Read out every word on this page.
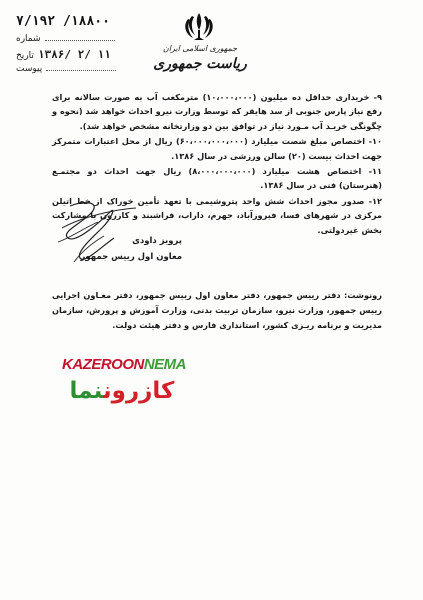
۷/۱۹۲ /۱۸۸۰۰
شماره
۱۳۸۶/ ۲/ ۱۱
تاریخ
پیوست
جمهوری اسلامی ایران
ریاست جمهوری

۹- خریداری حداقل ده میلیون (۱۰،۰۰۰،۰۰۰) مترمکعب آب به صورت سالانه برای رفع نیاز پارس جنوبی از سد هایقر که توسط وزارت نیرو احداث خواهد شد (نحوه و چگونگی خریـد آب مـورد نیاز در توافق بین دو وزارتخانه مشخص خواهد شد).

۱۰- اختصاص مبلغ شصت میلیارد (۶۰،۰۰۰،۰۰۰،۰۰۰) ریال از محل اعتبارات متمرکز جهت احداث بیست (۲۰) سالن ورزشی در سال ۱۳۸۶.

۱۱- اختصاص هشت میلیارد (۸،۰۰۰،۰۰۰،۰۰۰) ریال جهت احداث دو مجتمـع (هنرستان) فنی در سال ۱۳۸۶.

۱۲- صدور مجوز احداث شش واحد پتروشیمی با تعهد تأمین خوراک از خط اتیلن مرکزی در شهرهای فسا، فیروزآباد، جهرم، داراب، فراشبند و کازرون با مشارکت بخش غیردولتی.

پرویز داودی
معاون اول رییس جمهور
رونوشت: دفتر رییس جمهور، دفتر معاون اول رییس جمهور، دفتر معـاون اجرایی رییس جمهور، وزارت نیرو، سازمان تربیت بدنی، وزارت آموزش و پرورش، سازمان مدیریت و برنامه ریـزی کشور، استانداری فارس و دفتر هیئت دولت.
KAZEROONNEMA
کازروننما
